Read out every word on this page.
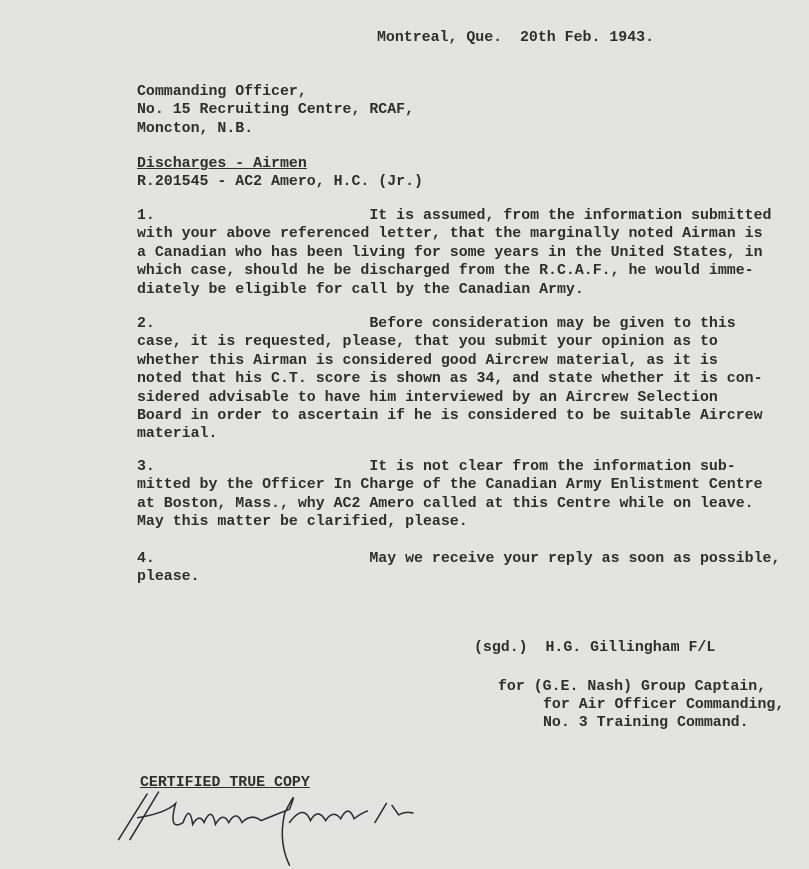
Montreal, Que.  20th Feb. 1943.
Commanding Officer,
No. 15 Recruiting Centre, RCAF,
Moncton, N.B.
Discharges - Airmen
R.201545 - AC2 Amero, H.C. (Jr.)
1.                        It is assumed, from the information submitted
with your above referenced letter, that the marginally noted Airman is
a Canadian who has been living for some years in the United States, in
which case, should he be discharged from the R.C.A.F., he would imme-
diately be eligible for call by the Canadian Army.
2.                        Before consideration may be given to this
case, it is requested, please, that you submit your opinion as to
whether this Airman is considered good Aircrew material, as it is
noted that his C.T. score is shown as 34, and state whether it is con-
sidered advisable to have him interviewed by an Aircrew Selection
Board in order to ascertain if he is considered to be suitable Aircrew
material.
3.                        It is not clear from the information sub-
mitted by the Officer In Charge of the Canadian Army Enlistment Centre
at Boston, Mass., why AC2 Amero called at this Centre while on leave.
May this matter be clarified, please.
4.                        May we receive your reply as soon as possible,
please.
(sgd.)  H.G. Gillingham F/L
for (G.E. Nash) Group Captain,
for Air Officer Commanding,
No. 3 Training Command.
CERTIFIED TRUE COPY
